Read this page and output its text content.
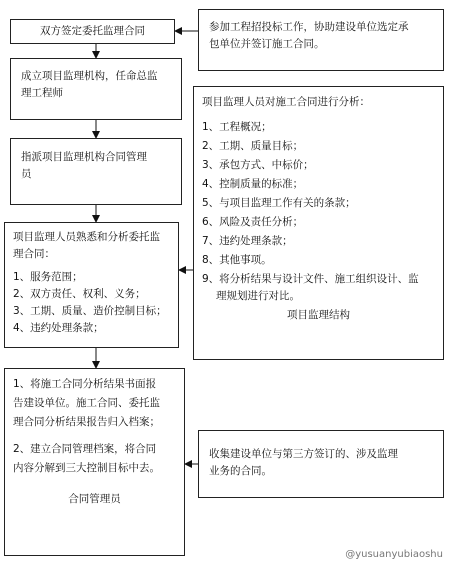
双方签定委托监理合同	参加工程招投标工作，协助建设单位选定承
包单位并签订施工合同。
成立项目监理机构，任命总监
理工程师
项目监理人员对施工合同进行分析：
1、工程概况；
2、工期、质量目标；
3、承包方式、中标价；
4、控制质量的标准；
5、与项目监理工作有关的条款；
6、风险及责任分析；
7、违约处理条款；
8、其他事项。
9、将分析结果与设计文件、施工组织设计、监
理规划进行对比。
项目监理结构
指派项目监理机构合同管理
员
项目监理人员熟悉和分析委托监
理合同：
1、服务范围；
2、双方责任、权利、义务；
3、工期、质量、造价控制目标；
4、违约处理条款；
1、将施工合同分析结果书面报
告建设单位。施工合同、委托监
理合同分析结果报告归入档案；
2、建立合同管理档案，将合同
内容分解到三大控制目标中去。
合同管理员
收集建设单位与第三方签订的、涉及监理
业务的合同。
@yusuanyubiaoshu
